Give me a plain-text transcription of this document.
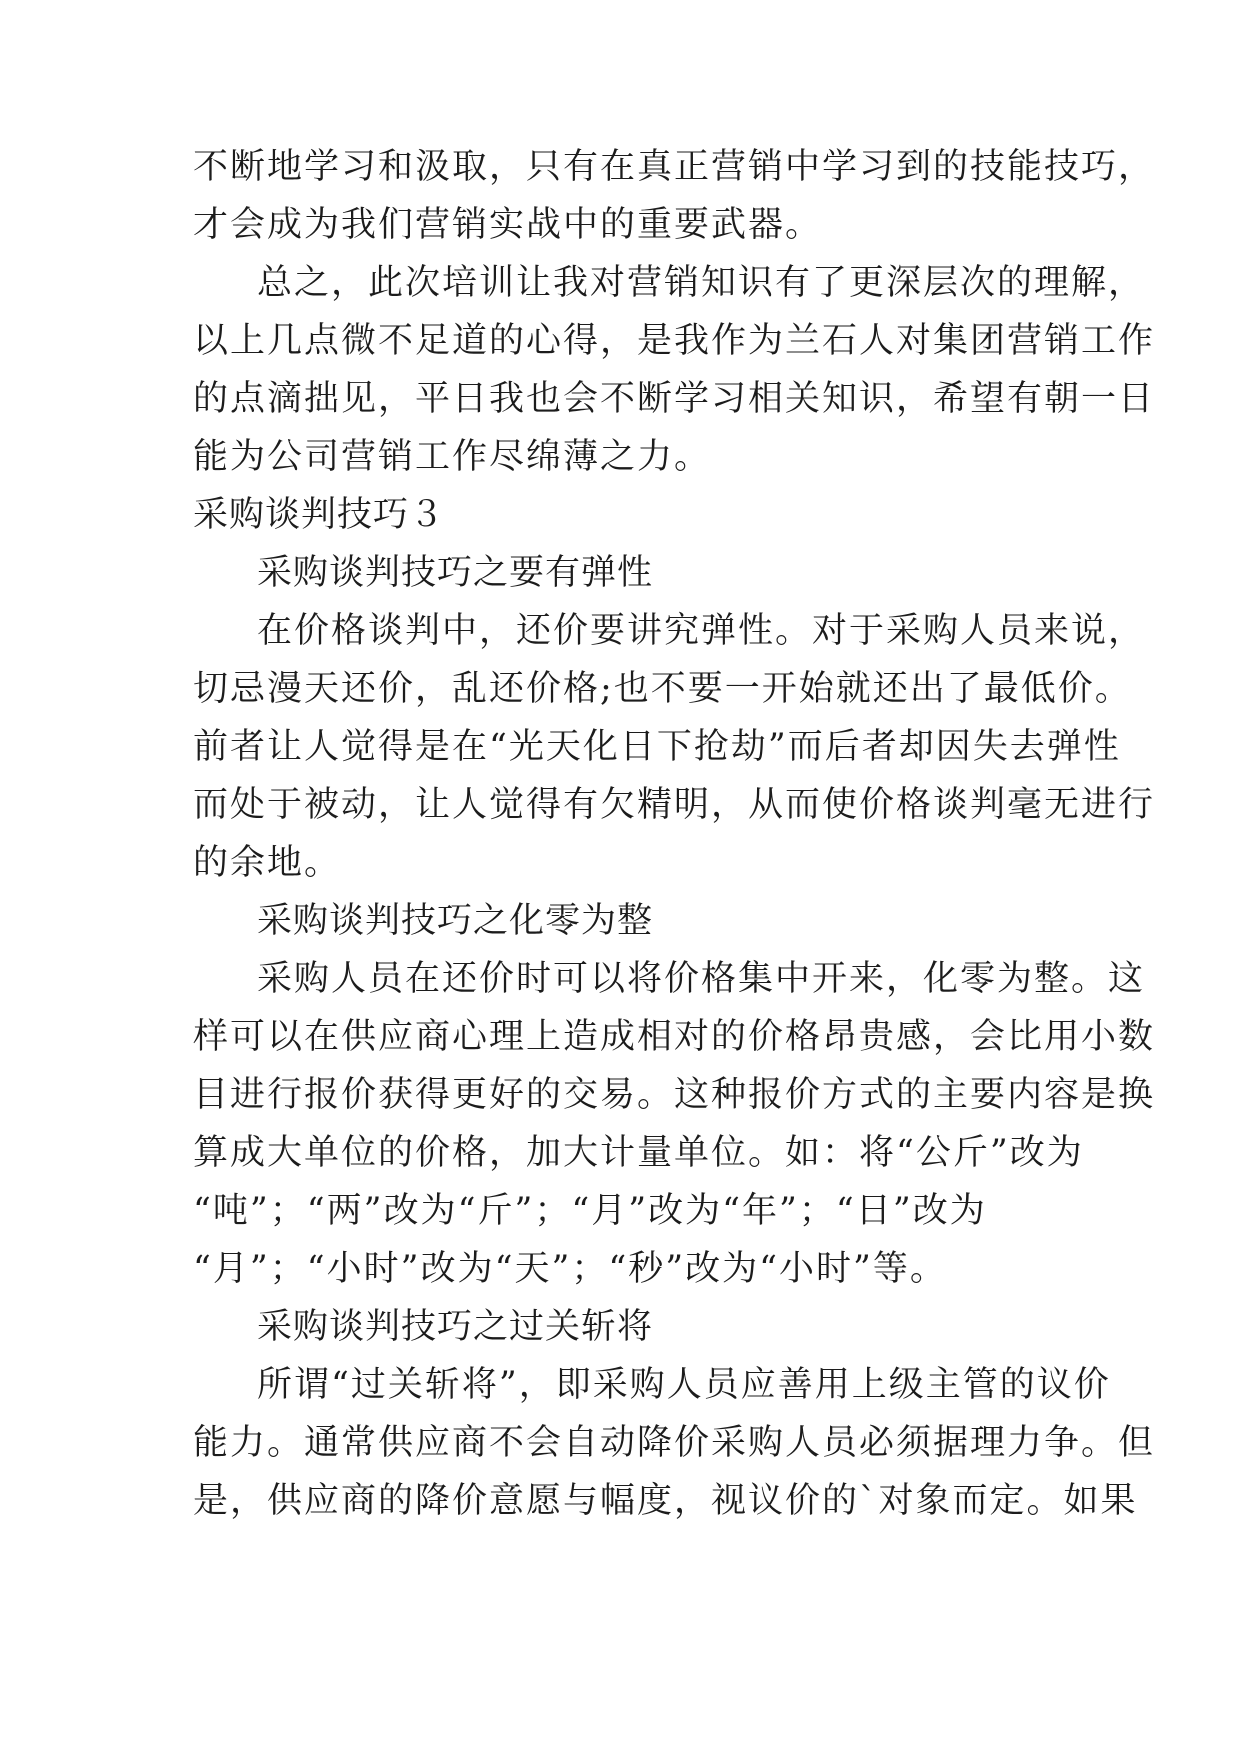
不断地学习和汲取，只有在真正营销中学习到的技能技巧，
才会成为我们营销实战中的重要武器。
总之，此次培训让我对营销知识有了更深层次的理解，
以上几点微不足道的心得，是我作为兰石人对集团营销工作
的点滴拙见，平日我也会不断学习相关知识，希望有朝一日
能为公司营销工作尽绵薄之力。
采购谈判技巧３
采购谈判技巧之要有弹性
在价格谈判中，还价要讲究弹性。对于采购人员来说，
切忌漫天还价，乱还价格;也不要一开始就还出了最低价。
前者让人觉得是在“光天化日下抢劫”而后者却因失去弹性
而处于被动，让人觉得有欠精明，从而使价格谈判毫无进行
的余地。
采购谈判技巧之化零为整
采购人员在还价时可以将价格集中开来，化零为整。这
样可以在供应商心理上造成相对的价格昂贵感，会比用小数
目进行报价获得更好的交易。这种报价方式的主要内容是换
算成大单位的价格，加大计量单位。如：将“公斤”改为
“吨”；“两”改为“斤”；“月”改为“年”；“日”改为
“月”；“小时”改为“天”；“秒”改为“小时”等。
采购谈判技巧之过关斩将
所谓“过关斩将”，即采购人员应善用上级主管的议价
能力。通常供应商不会自动降价采购人员必须据理力争。但
是，供应商的降价意愿与幅度，视议价的`对象而定。如果
